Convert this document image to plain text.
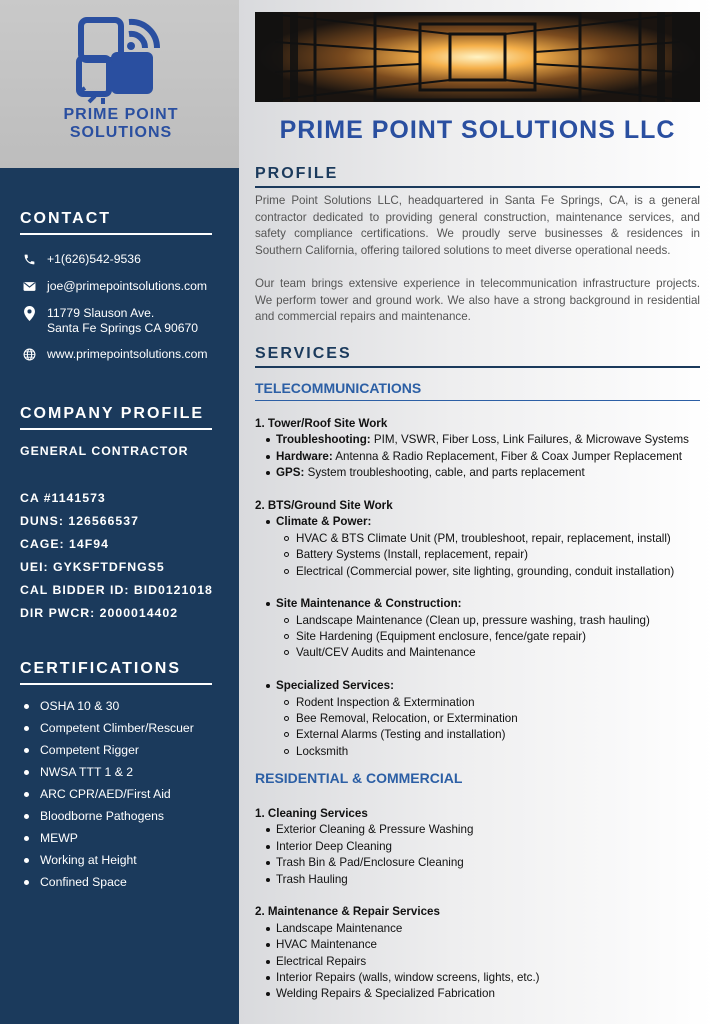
PRIME POINT
SOLUTIONS
CONTACT
+1(626)542-9536
joe@primepointsolutions.com
11779 Slauson Ave.
Santa Fe Springs CA 90670
www.primepointsolutions.com
COMPANY PROFILE
GENERAL CONTRACTOR
CA #1141573
DUNS: 126566537
CAGE: 14F94
UEI: GYKSFTDFNGS5
CAL BIDDER ID: BID0121018
DIR PWCR: 2000014402
CERTIFICATIONS
OSHA 10 & 30
Competent Climber/Rescuer
Competent Rigger
NWSA TTT 1 & 2
ARC CPR/AED/First Aid
Bloodborne Pathogens
MEWP
Working at Height
Confined Space
PRIME POINT SOLUTIONS LLC
PROFILE
Prime Point Solutions LLC, headquartered in Santa Fe Springs, CA, is a general contractor dedicated to providing general construction, maintenance services, and safety compliance certifications. We proudly serve businesses & residences in Southern California, offering tailored solutions to meet diverse operational needs.
Our team brings extensive experience in telecommunication infrastructure projects. We perform tower and ground work. We also have a strong background in residential and commercial repairs and maintenance.
SERVICES
TELECOMMUNICATIONS
1. Tower/Roof Site Work
Troubleshooting: PIM, VSWR, Fiber Loss, Link Failures, & Microwave Systems
Hardware: Antenna & Radio Replacement, Fiber & Coax Jumper Replacement
GPS: System troubleshooting, cable, and parts replacement
2. BTS/Ground Site Work
Climate & Power:
HVAC & BTS Climate Unit (PM, troubleshoot, repair, replacement, install)
Battery Systems (Install, replacement, repair)
Electrical (Commercial power, site lighting, grounding, conduit installation)
Site Maintenance & Construction:
Landscape Maintenance (Clean up, pressure washing, trash hauling)
Site Hardening (Equipment enclosure, fence/gate repair)
Vault/CEV Audits and Maintenance
Specialized Services:
Rodent Inspection & Extermination
Bee Removal, Relocation, or Extermination
External Alarms (Testing and installation)
Locksmith
RESIDENTIAL & COMMERCIAL
1. Cleaning Services
Exterior Cleaning & Pressure Washing
Interior Deep Cleaning
Trash Bin & Pad/Enclosure Cleaning
Trash Hauling
2. Maintenance & Repair Services
Landscape Maintenance
HVAC Maintenance
Electrical Repairs
Interior Repairs (walls, window screens, lights, etc.)
Welding Repairs & Specialized Fabrication
